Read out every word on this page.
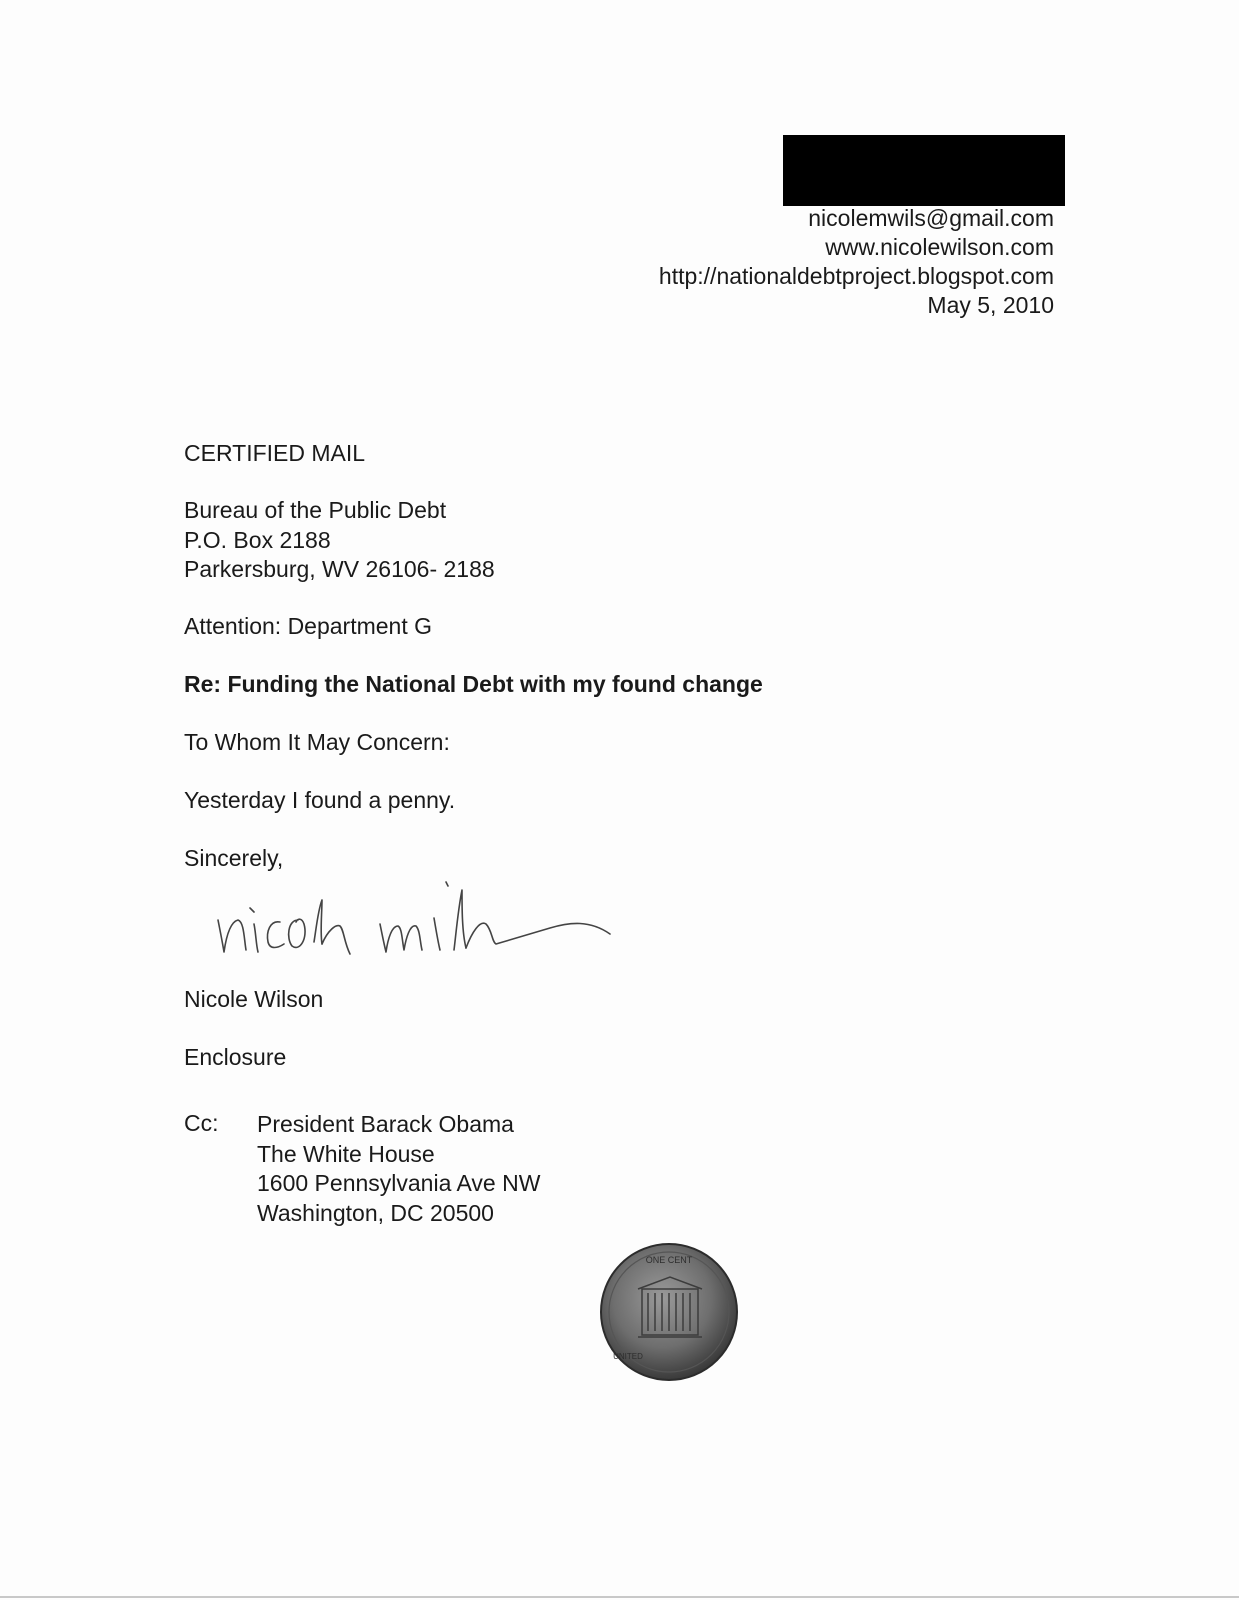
nicolemwils@gmail.com
www.nicolewilson.com
http://nationaldebtproject.blogspot.com
May 5, 2010
CERTIFIED MAIL
Bureau of the Public Debt
P.O. Box 2188
Parkersburg, WV 26106- 2188
Attention: Department G
Re: Funding the National Debt with my found change
To Whom It May Concern:
Yesterday I found a penny.
Sincerely,
Nicole Wilson
Enclosure
Cc: President Barack Obama
The White House
1600 Pennsylvania Ave NW
Washington, DC 20500
ONE CENT
UNITED
